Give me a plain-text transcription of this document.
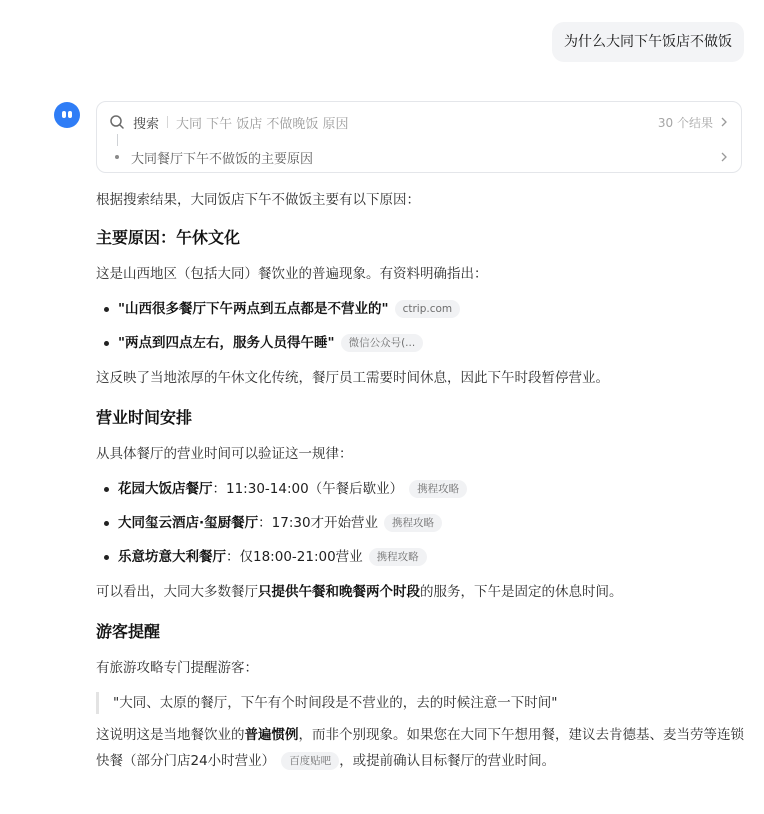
为什么大同下午饭店不做饭
搜索 大同 下午 饭店 不做晚饭 原因	30 个结果
大同餐厅下午不做饭的主要原因
根据搜索结果，大同饭店下午不做饭主要有以下原因：
主要原因：午休文化
这是山西地区（包括大同）餐饮业的普遍现象。有资料明确指出：
"山西很多餐厅下午两点到五点都是不营业的" ctrip.com
"两点到四点左右，服务人员得午睡" 微信公众号(...
这反映了当地浓厚的午休文化传统，餐厅员工需要时间休息，因此下午时段暂停营业。
营业时间安排
从具体餐厅的营业时间可以验证这一规律：
花园大饭店餐厅：11:30-14:00（午餐后歇业） 携程攻略
大同玺云酒店·玺厨餐厅：17:30才开始营业 携程攻略
乐意坊意大利餐厅：仅18:00-21:00营业 携程攻略
可以看出，大同大多数餐厅只提供午餐和晚餐两个时段的服务，下午是固定的休息时间。
游客提醒
有旅游攻略专门提醒游客：
"大同、太原的餐厅，下午有个时间段是不营业的，去的时候注意一下时间"
这说明这是当地餐饮业的普遍惯例，而非个别现象。如果您在大同下午想用餐，建议去肯德基、麦当劳等连锁快餐（部分门店24小时营业） 百度贴吧 ，或提前确认目标餐厅的营业时间。
